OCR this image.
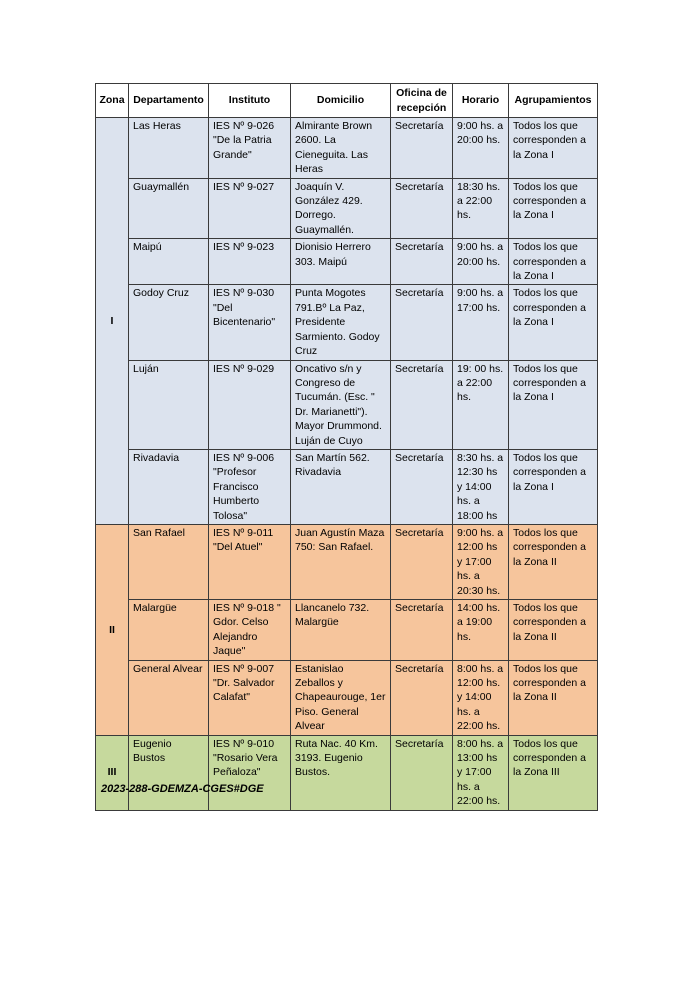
Zona	Departamento	Instituto	Domicilio	Oficina de recepción	Horario	Agrupamientos
I	Las Heras	IES Nº 9-026 "De la Patria Grande"	Almirante Brown 2600. La Cieneguita. Las Heras	Secretaría	9:00 hs. a 20:00 hs.	Todos los que corresponden a la Zona I
	Guaymallén	IES Nº 9-027	Joaquín V. González 429. Dorrego. Guaymallén.	Secretaría	18:30 hs. a 22:00 hs.	Todos los que corresponden a la Zona I
	Maipú	IES Nº 9-023	Dionisio Herrero 303. Maipú	Secretaría	9:00 hs. a 20:00 hs.	Todos los que corresponden a la Zona I
	Godoy Cruz	IES Nº 9-030 "Del Bicentenario"	Punta Mogotes 791.Bº La Paz, Presidente Sarmiento. Godoy Cruz	Secretaría	9:00 hs. a 17:00 hs.	Todos los que corresponden a la Zona I
	Luján	IES Nº 9-029	Oncativo s/n y Congreso de Tucumán. (Esc. " Dr. Marianetti"). Mayor Drummond. Luján de Cuyo	Secretaría	19: 00 hs. a 22:00 hs.	Todos los que corresponden a la Zona I
	Rivadavia	IES Nº 9-006 "Profesor Francisco Humberto Tolosa"	San Martín 562. Rivadavia	Secretaría	8:30 hs. a 12:30 hs y 14:00 hs. a 18:00 hs	Todos los que corresponden a la Zona I
II	San Rafael	IES Nº 9-011 "Del Atuel"	Juan Agustín Maza 750: San Rafael.	Secretaría	9:00 hs. a 12:00 hs y 17:00 hs. a 20:30 hs.	Todos los que corresponden a la Zona II
	Malargüe	IES Nº 9-018 " Gdor. Celso Alejandro Jaque"	Llancanelo 732. Malargüe	Secretaría	14:00 hs. a 19:00 hs.	Todos los que corresponden a la Zona II
	General Alvear	IES Nº 9-007 "Dr. Salvador Calafat"	Estanislao Zeballos y Chapeaurouge, 1er Piso. General Alvear	Secretaría	8:00 hs. a 12:00 hs. y 14:00 hs. a 22:00 hs.	Todos los que corresponden a la Zona II
III	Eugenio Bustos	IES Nº 9-010 "Rosario Vera Peñaloza"	Ruta Nac. 40 Km. 3193. Eugenio Bustos.	Secretaría	8:00 hs. a 13:00 hs y 17:00 hs. a 22:00 hs.	Todos los que corresponden a la Zona III
2023-288-GDEMZA-CGES#DGE
